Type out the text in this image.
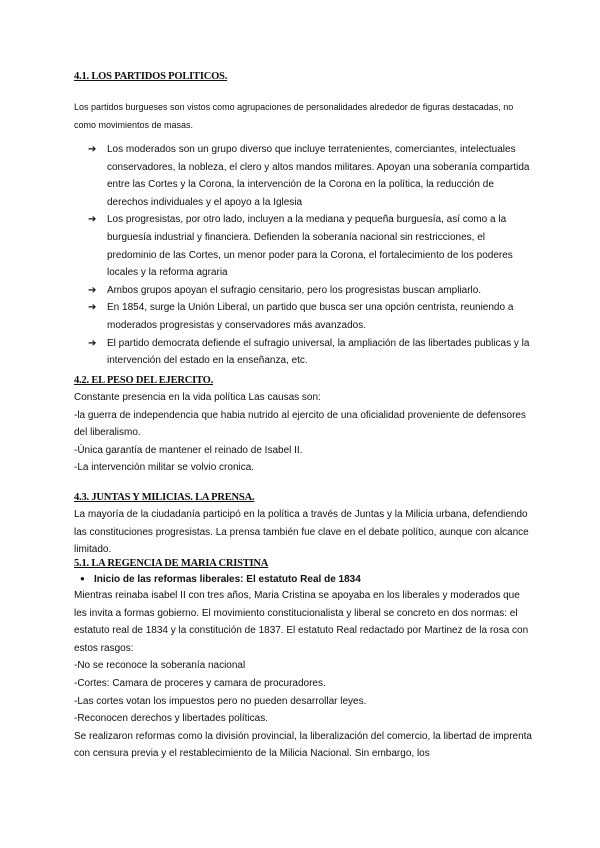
4.1. LOS PARTIDOS POLITICOS.
Los partidos burgueses son vistos como agrupaciones de personalidades alrededor de figuras destacadas, no como movimientos de masas.
➔ Los moderados son un grupo diverso que incluye terratenientes, comerciantes, intelectuales conservadores, la nobleza, el clero y altos mandos militares. Apoyan una soberanía compartida entre las Cortes y la Corona, la intervención de la Corona en la política, la reducción de derechos individuales y el apoyo a la Iglesia
➔ Los progresistas, por otro lado, incluyen a la mediana y pequeña burguesía, así como a la burguesía industrial y financiera. Defienden la soberanía nacional sin restricciones, el predominio de las Cortes, un menor poder para la Corona, el fortalecimiento de los poderes locales y la reforma agraria
➔ Ambos grupos apoyan el sufragio censitario, pero los progresistas buscan ampliarlo.
➔ En 1854, surge la Unión Liberal, un partido que busca ser una opción centrista, reuniendo a moderados progresistas y conservadores más avanzados.
➔ El partido democrata defiende el sufragio universal, la ampliación de las libertades publicas y la intervención del estado en la enseñanza, etc.
4.2. EL PESO DEL EJERCITO.
Constante presencia en la vida política Las causas son:
-la guerra de independencia que habia nutrido al ejercito de una oficialidad proveniente de defensores del liberalismo.
-Única garantía de mantener el reinado de Isabel II.
-La intervención militar se volvio cronica.
4.3. JUNTAS Y MILICIAS. LA PRENSA.
La mayoría de la ciudadanía participó en la política a través de Juntas y la Milicia urbana, defendiendo las constituciones progresistas. La prensa también fue clave en el debate político, aunque con alcance limitado.
5.1. LA REGENCIA DE MARIA CRISTINA
● Inicio de las reformas liberales: El estatuto Real de 1834
Mientras reinaba isabel II con tres años, Maria Cristina se apoyaba en los liberales y moderados que les invita a formas gobierno. El movimiento constitucionalista y liberal se concreto en dos normas: el estatuto real de 1834 y la constitución de 1837. El estatuto Real redactado por Martinez de la rosa con estos rasgos:
-No se reconoce la soberanía nacional
-Cortes: Camara de proceres y camara de procuradores.
-Las cortes votan los impuestos pero no pueden desarrollar leyes.
-Reconocen derechos y libertades políticas.
Se realizaron reformas como la división provincial, la liberalización del comercio, la libertad de imprenta con censura previa y el restablecimiento de la Milicia Nacional. Sin embargo, los
